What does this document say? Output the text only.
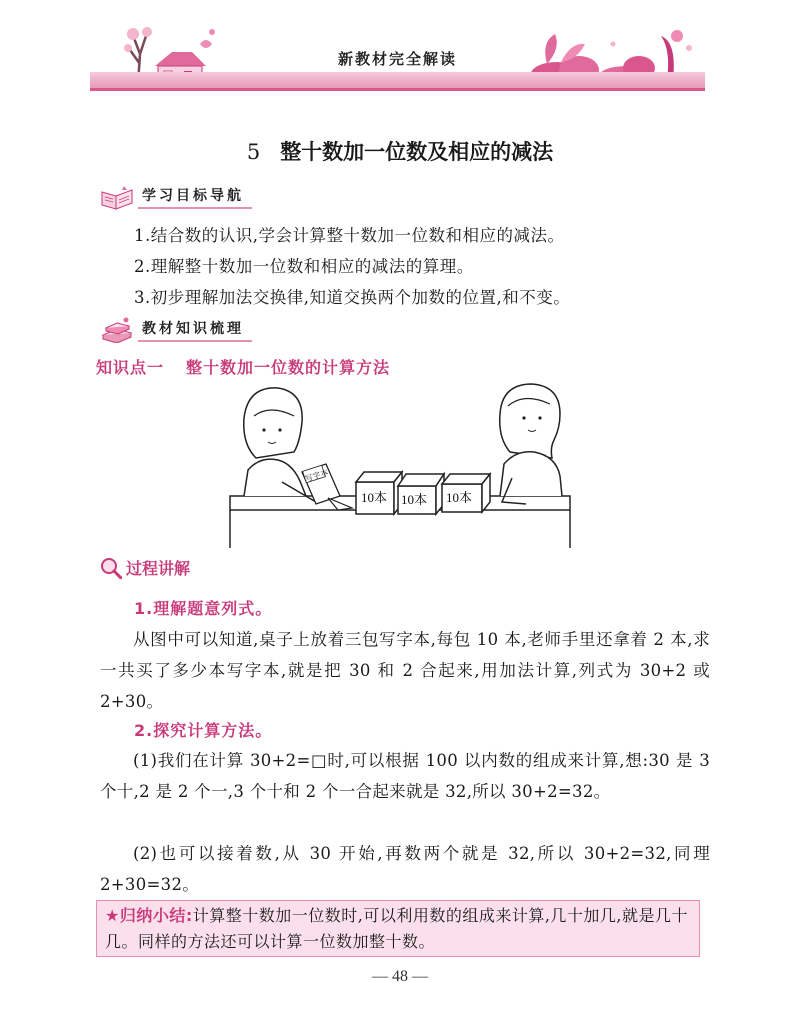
新教材完全解读
5 整十数加一位数及相应的减法
学习目标导航
1.结合数的认识,学会计算整十数加一位数和相应的减法。
2.理解整十数加一位数和相应的减法的算理。
3.初步理解加法交换律,知道交换两个加数的位置,和不变。
教材知识梳理
知识点一 整十数加一位数的计算方法
写字本
10本 10本 10本
过程讲解
1.理解题意列式。
从图中可以知道,桌子上放着三包写字本,每包 10 本,老师手里还拿着 2 本,求一共买了多少本写字本,就是把 30 和 2 合起来,用加法计算,列式为 30+2 或 2+30。
2.探究计算方法。
(1)我们在计算 30+2=□时,可以根据 100 以内数的组成来计算,想:30 是 3 个十,2 是 2 个一,3 个十和 2 个一合起来就是 32,所以 30+2=32。
(2)也可以接着数,从 30 开始,再数两个就是 32,所以 30+2=32,同理 2+30=32。
★归纳小结:计算整十数加一位数时,可以利用数的组成来计算,几十加几,就是几十几。同样的方法还可以计算一位数加整十数。
— 48 —
